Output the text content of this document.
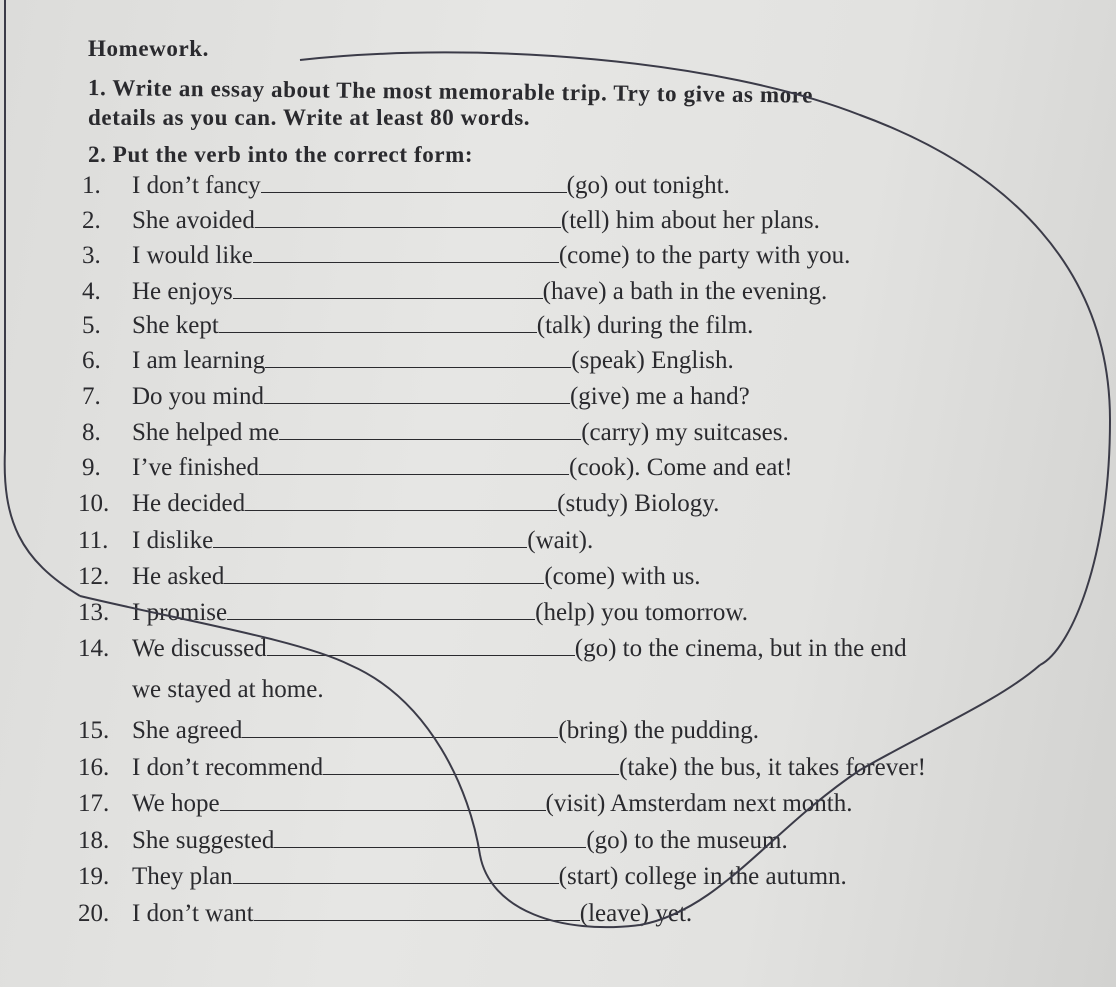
Homework.
1. Write an essay about The most memorable trip. Try to give as more
details as you can. Write at least 80 words.
2. Put the verb into the correct form:
1. I don’t fancy	(go) out tonight.
2. She avoided	(tell) him about her plans.
3. I would like	(come) to the party with you.
4. He enjoys	(have) a bath in the evening.
5. She kept	(talk) during the film.
6. I am learning	(speak) English.
7. Do you mind	(give) me a hand?
8. She helped me	(carry) my suitcases.
9. I’ve finished	(cook). Come and eat!
10. He decided	(study) Biology.
11. I dislike	(wait).
12. He asked	(come) with us.
13. I promise	(help) you tomorrow.
14. We discussed	(go) to the cinema, but in the end
we stayed at home.
15. She agreed	(bring) the pudding.
16. I don’t recommend	(take) the bus, it takes forever!
17. We hope	(visit) Amsterdam next month.
18. She suggested	(go) to the museum.
19. They plan	(start) college in the autumn.
20. I don’t want	(leave) yet.
